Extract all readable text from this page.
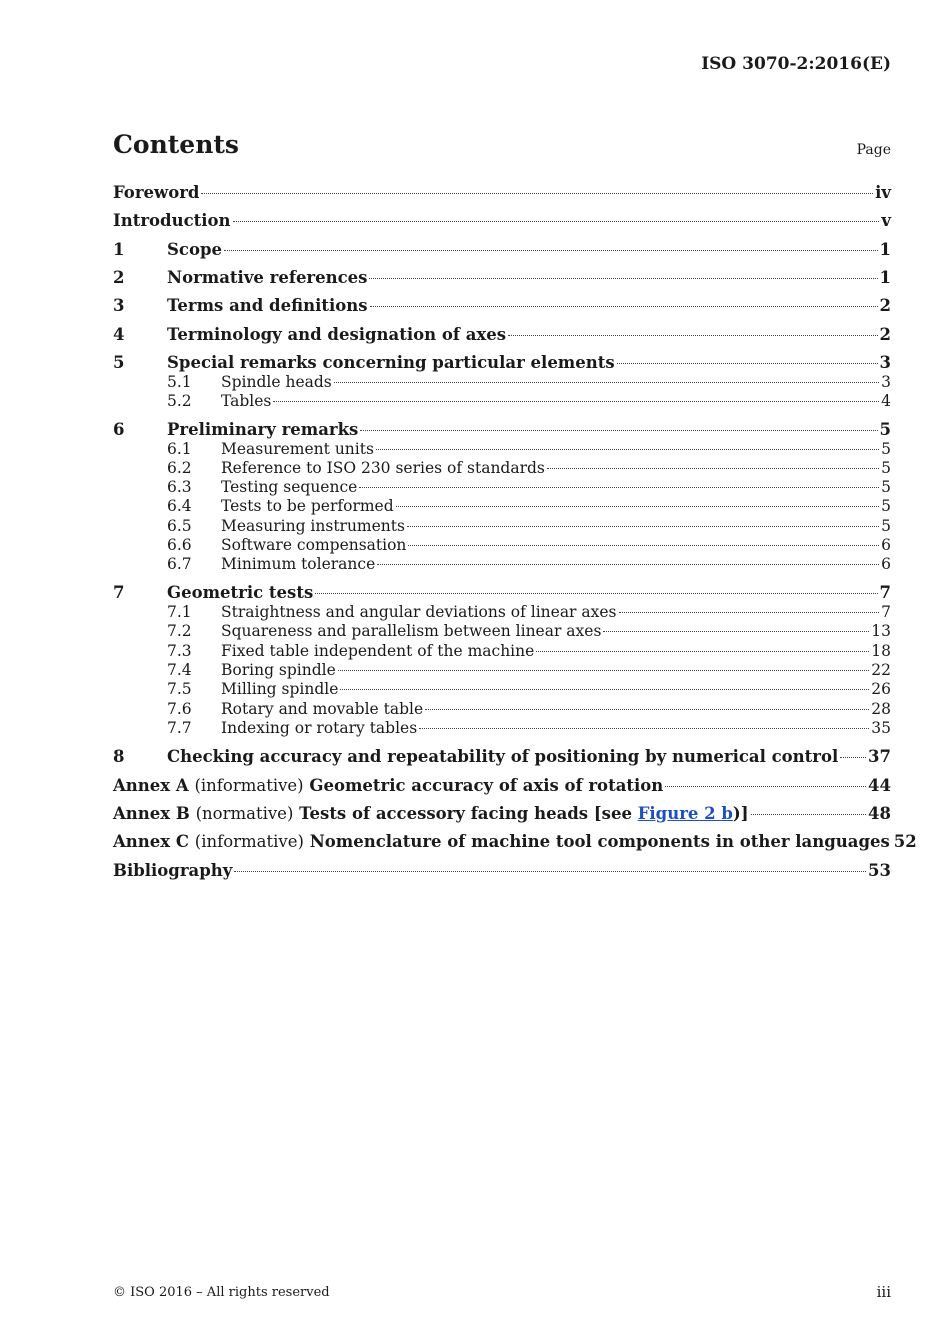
ISO 3070-2:2016(E)
Contents	Page
Foreword	iv
Introduction	v
1	Scope	1
2	Normative references	1
3	Terms and definitions	2
4	Terminology and designation of axes	2
5	Special remarks concerning particular elements	3
5.1	Spindle heads	3
5.2	Tables	4
6	Preliminary remarks	5
6.1	Measurement units	5
6.2	Reference to ISO 230 series of standards	5
6.3	Testing sequence	5
6.4	Tests to be performed	5
6.5	Measuring instruments	5
6.6	Software compensation	6
6.7	Minimum tolerance	6
7	Geometric tests	7
7.1	Straightness and angular deviations of linear axes	7
7.2	Squareness and parallelism between linear axes	13
7.3	Fixed table independent of the machine	18
7.4	Boring spindle	22
7.5	Milling spindle	26
7.6	Rotary and movable table	28
7.7	Indexing or rotary tables	35
8	Checking accuracy and repeatability of positioning by numerical control 37
Annex A (informative) Geometric accuracy of axis of rotation	44
Annex B (normative) Tests of accessory facing heads [see Figure 2 b)]	48
Annex C (informative) Nomenclature of machine tool components in other languages 52
Bibliography	53
© ISO 2016 – All rights reserved	iii
